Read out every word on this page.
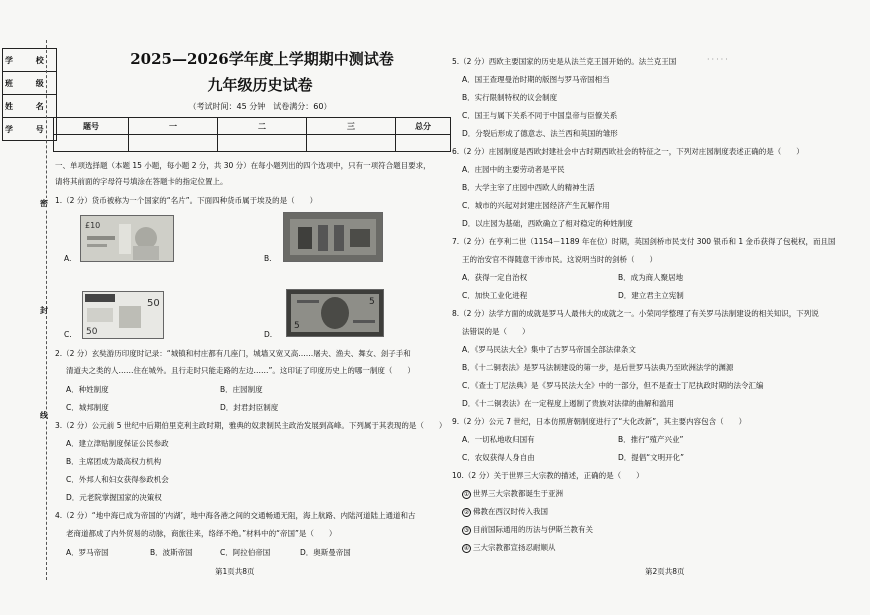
学 校
班 级
姓 名
学 号
密
封
线
2025—2026学年度上学期期中测试卷
九年级历史试卷
（考试时间：45 分钟　试卷满分：60）
题号	一	二	三	总分

一、单项选择题（本题 15 小题，每小题 2 分，共 30 分）在每小题列出的四个选项中，只有一项符合题目要求，
请将其前面的字母符号填涂在答题卡的指定位置上。
1.（2 分）货币被称为一个国家的“名片”。下面四种货币属于埃及的是（　　）
A.
£10
B.
C.
50
50	D.
5
5
2.（2 分）玄奘游历印度时记录：“城镇和村庄都有几座门，城墙又宽又高……屠夫、渔夫、舞女、刽子手和
清道夫之类的人……住在城外。且行走时只能走路的左边……”。这印证了印度历史上的哪一制度（　　）
A．种姓制度	B．庄园制度
C．城邦制度	D．封君封臣制度
3.（2 分）公元前 5 世纪中后期伯里克利主政时期，雅典的奴隶制民主政治发展到高峰。下列属于其表现的是（　　）
A．建立津贴制度保证公民参政
B．主席团成为最高权力机构
C．外邦人和妇女获得参政机会
D．元老院掌握国家的决策权
4.（2 分）“地中海已成为帝国的‘内湖’，地中海各港之间的交通畅通无阻，海上航路、内陆河道陆上通道和古
老商道都成了内外贸易的动脉，商旅往来，络绎不绝。”材料中的“帝国”是（　　）
A．罗马帝国	B．波斯帝国	C．阿拉伯帝国	D．奥斯曼帝国
第1页共8页
5.（2 分）西欧主要国家的历史是从法兰克王国开始的。法兰克王国	·····
A．国王查理曼治时期的版图与罗马帝国相当
B．实行限制特权的议会制度
C．国王与属下关系不同于中国皇帝与臣僚关系
D．分裂后形成了德意志、法兰西和英国的雏形
6.（2 分）庄园制度是西欧封建社会中古时期西欧社会的特征之一，下列对庄园制度表述正确的是（　　）
A．庄园中的主要劳动者是平民
B．大学主宰了庄园中西欧人的精神生活
C．城市的兴起对封建庄园经济产生瓦解作用
D．以庄园为基础，西欧确立了相对稳定的种姓制度
7.（2 分）在亨利二世（1154－1189 年在位）时期，英国剑桥市民支付 300 银币和 1 金币获得了包税权，而且国
王的治安官不得随意干涉市民。这说明当时的剑桥（　　）
A．获得一定自治权	B．成为商人聚居地
C．加快工业化进程	D．建立君主立宪制
8.（2 分）法学方面的成就是罗马人最伟大的成就之一。小荣同学整理了有关罗马法制建设的相关知识，下列说
法错误的是（　　）
A．《罗马民法大全》集中了古罗马帝国全部法律条文
B．《十二铜表法》是罗马法制建设的第一步，是后世罗马法典乃至欧洲法学的渊源
C．《查士丁尼法典》是《罗马民法大全》中的一部分，但不是查士丁尼执政时期的法令汇编
D．《十二铜表法》在一定程度上遏制了贵族对法律的曲解和滥用
9.（2 分）公元 7 世纪，日本仿照唐朝制度进行了“大化改新”，其主要内容包含（　　）
A．一切私地收归国有	B．推行“殖产兴业”
C．农奴获得人身自由	D．提倡“文明开化”
10.（2 分）关于世界三大宗教的描述，正确的是（　　）
① 世界三大宗教都诞生于亚洲
② 佛教在西汉时传入我国
③ 目前国际通用的历法与伊斯兰教有关
④ 三大宗教都宣扬忍耐顺从
第2页共8页
